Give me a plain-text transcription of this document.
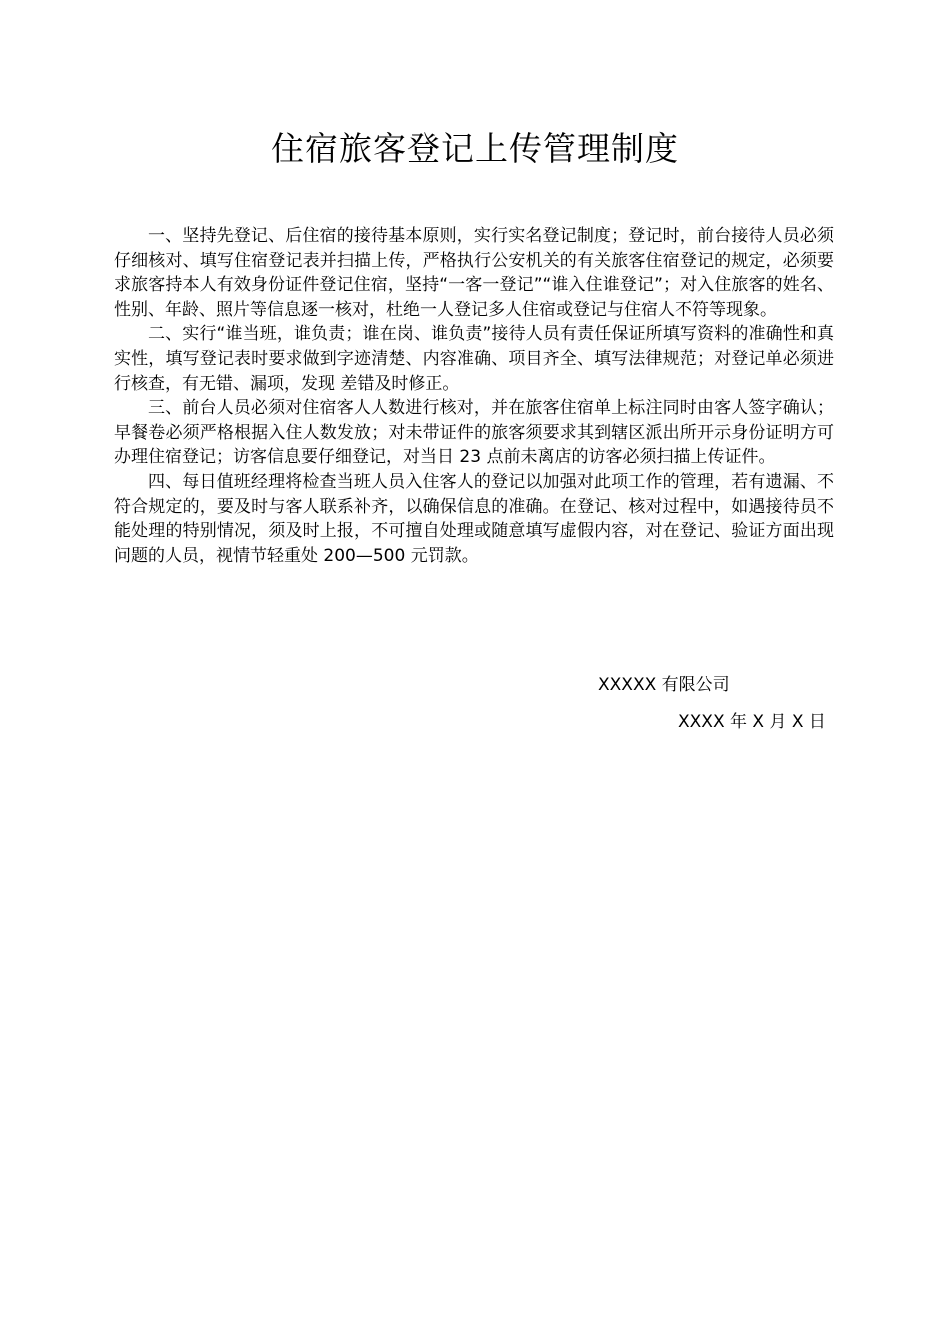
住宿旅客登记上传管理制度

一、坚持先登记、后住宿的接待基本原则，实行实名登记制度；登记时，前台接待人员必须仔细核对、填写住宿登记表并扫描上传，严格执行公安机关的有关旅客住宿登记的规定，必须要求旅客持本人有效身份证件登记住宿，坚持“一客一登记”“谁入住谁登记”；对入住旅客的姓名、性别、年龄、照片等信息逐一核对，杜绝一人登记多人住宿或登记与住宿人不符等现象。

二、实行“谁当班，谁负责；谁在岗、谁负责”接待人员有责任保证所填写资料的准确性和真实性，填写登记表时要求做到字迹清楚、内容准确、项目齐全、填写法律规范；对登记单必须进行核查，有无错、漏项，发现 差错及时修正。

三、前台人员必须对住宿客人人数进行核对，并在旅客住宿单上标注同时由客人签字确认；早餐卷必须严格根据入住人数发放；对未带证件的旅客须要求其到辖区派出所开示身份证明方可办理住宿登记；访客信息要仔细登记，对当日 23 点前未离店的访客必须扫描上传证件。

四、每日值班经理将检查当班人员入住客人的登记以加强对此项工作的管理，若有遗漏、不符合规定的，要及时与客人联系补齐，以确保信息的准确。在登记、核对过程中，如遇接待员不能处理的特别情况，须及时上报，不可擅自处理或随意填写虚假内容，对在登记、验证方面出现问题的人员，视情节轻重处 200—500 元罚款。

XXXXX 有限公司

XXXX 年 X 月 X 日
